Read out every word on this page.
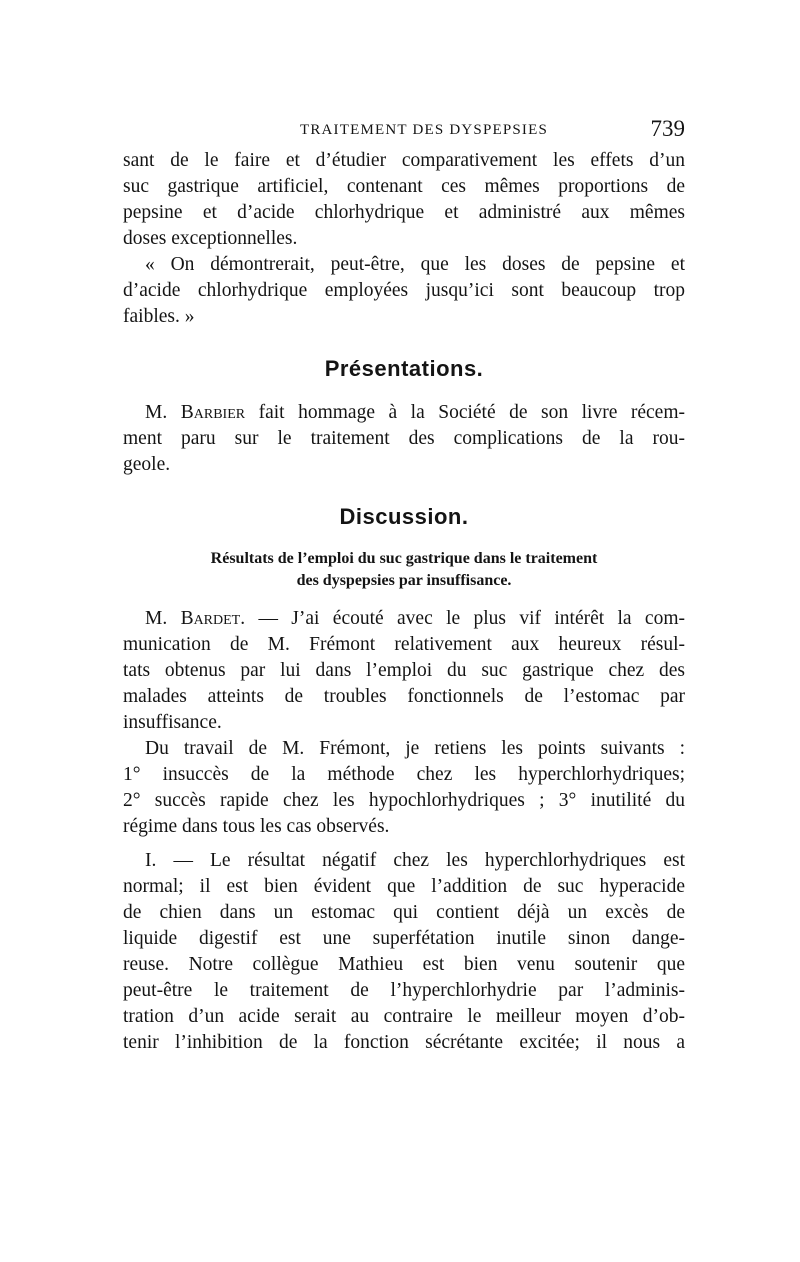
TRAITEMENT DES DYSPEPSIES	739
sant de le faire et d’étudier comparativement les effets d’un
suc gastrique artificiel, contenant ces mêmes proportions de
pepsine et d’acide chlorhydrique et administré aux mêmes
doses exceptionnelles.
« On démontrerait, peut-être, que les doses de pepsine et
d’acide chlorhydrique employées jusqu’ici sont beaucoup trop
faibles. »
Présentations.
M. Barbier fait hommage à la Société de son livre récem-
ment paru sur le traitement des complications de la rou-
geole.
Discussion.
Résultats de l’emploi du suc gastrique dans le traitement
des dyspepsies par insuffisance.
M. Bardet. — J’ai écouté avec le plus vif intérêt la com-
munication de M. Frémont relativement aux heureux résul-
tats obtenus par lui dans l’emploi du suc gastrique chez des
malades atteints de troubles fonctionnels de l’estomac par
insuffisance.
Du travail de M. Frémont, je retiens les points suivants :
1° insuccès de la méthode chez les hyperchlorhydriques;
2° succès rapide chez les hypochlorhydriques ; 3° inutilité du
régime dans tous les cas observés.
I. — Le résultat négatif chez les hyperchlorhydriques est
normal; il est bien évident que l’addition de suc hyperacide
de chien dans un estomac qui contient déjà un excès de
liquide digestif est une superfétation inutile sinon dange-
reuse. Notre collègue Mathieu est bien venu soutenir que
peut-être le traitement de l’hyperchlorhydrie par l’adminis-
tration d’un acide serait au contraire le meilleur moyen d’ob-
tenir l’inhibition de la fonction sécrétante excitée; il nous a
